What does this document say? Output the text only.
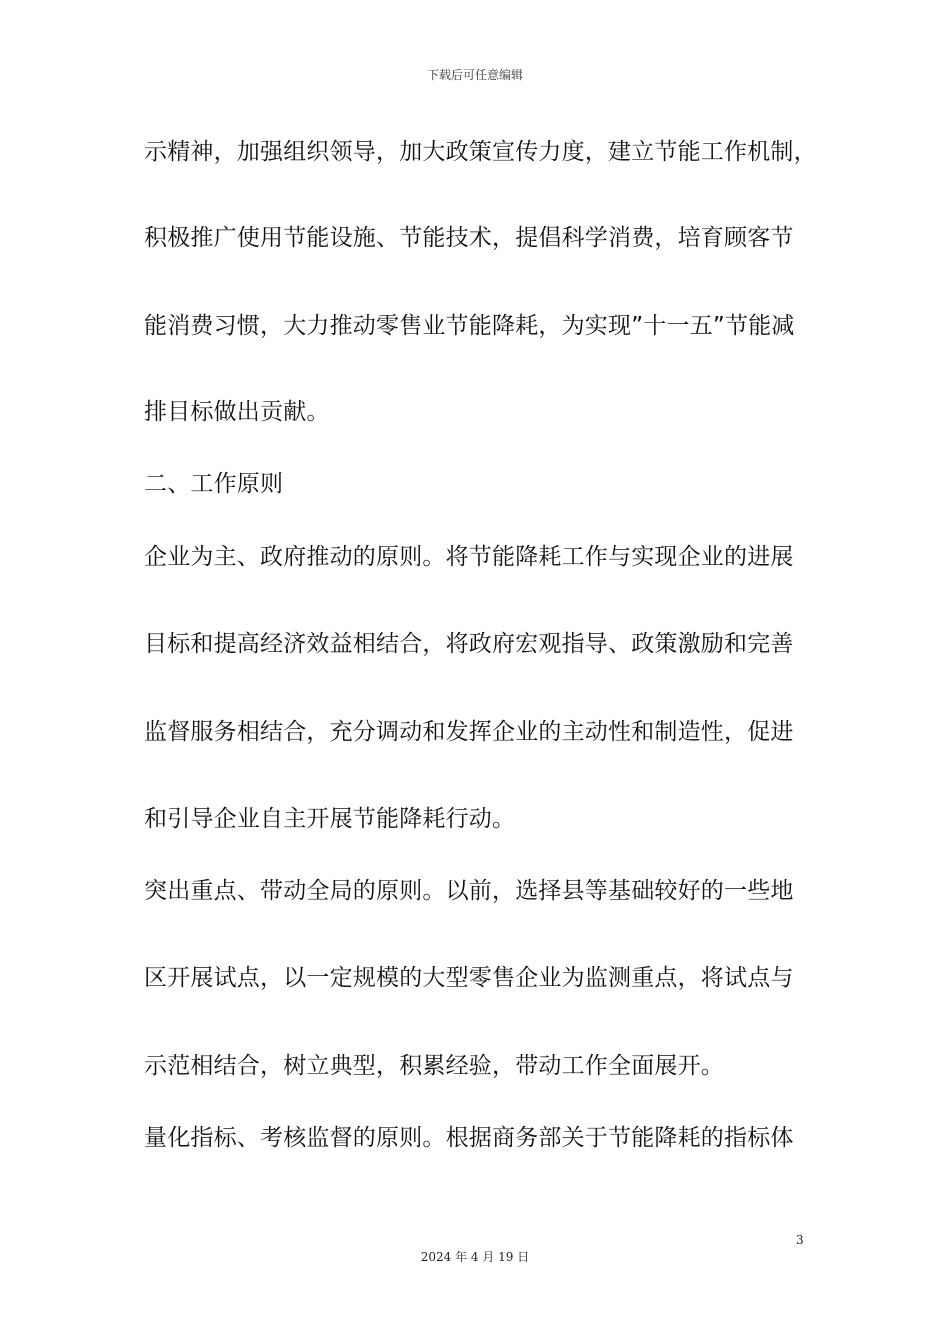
下载后可任意编辑
示精神，加强组织领导，加大政策宣传力度，建立节能工作机制，
积极推广使用节能设施、节能技术，提倡科学消费，培育顾客节
能消费习惯，大力推动零售业节能降耗，为实现”十一五”节能减
排目标做出贡献。
二、工作原则
企业为主、政府推动的原则。将节能降耗工作与实现企业的进展
目标和提高经济效益相结合，将政府宏观指导、政策激励和完善
监督服务相结合，充分调动和发挥企业的主动性和制造性，促进
和引导企业自主开展节能降耗行动。
突出重点、带动全局的原则。以前，选择县等基础较好的一些地
区开展试点，以一定规模的大型零售企业为监测重点，将试点与
示范相结合，树立典型，积累经验，带动工作全面展开。
量化指标、考核监督的原则。根据商务部关于节能降耗的指标体
3
2024 年 4 月 19 日
